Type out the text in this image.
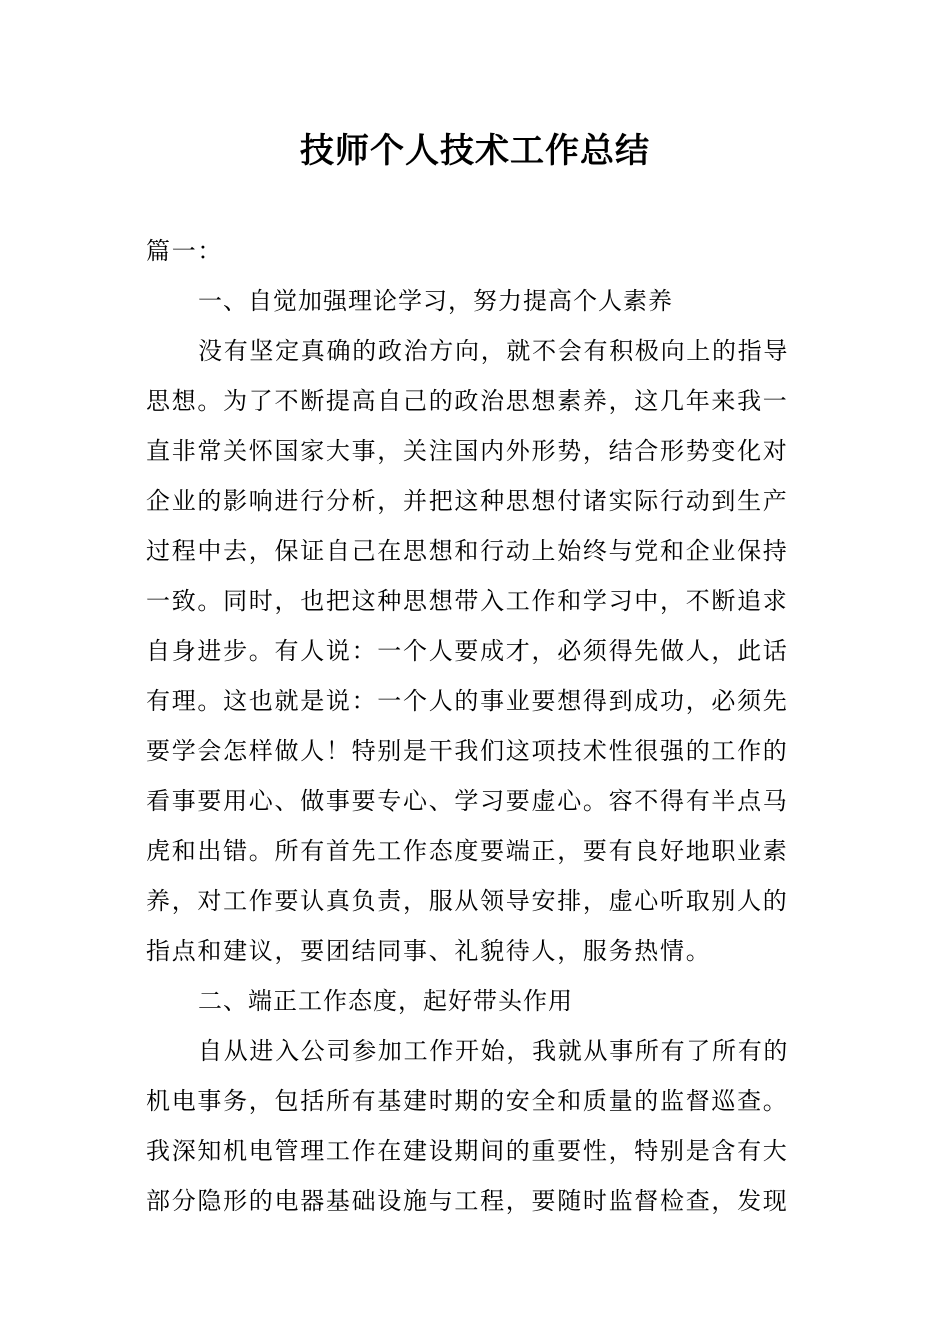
技师个人技术工作总结

篇一：

一、自觉加强理论学习，努力提高个人素养

没有坚定真确的政治方向，就不会有积极向上的指导思想。为了不断提高自己的政治思想素养，这几年来我一直非常关怀国家大事，关注国内外形势，结合形势变化对企业的影响进行分析，并把这种思想付诸实际行动到生产过程中去，保证自己在思想和行动上始终与党和企业保持一致。同时，也把这种思想带入工作和学习中，不断追求自身进步。有人说：一个人要成才，必须得先做人，此话有理。这也就是说：一个人的事业要想得到成功，必须先要学会怎样做人！特别是干我们这项技术性很强的工作的看事要用心、做事要专心、学习要虚心。容不得有半点马虎和出错。所有首先工作态度要端正，要有良好地职业素养，对工作要认真负责，服从领导安排，虚心听取别人的指点和建议，要团结同事、礼貌待人，服务热情。

二、端正工作态度，起好带头作用

自从进入公司参加工作开始，我就从事所有了所有的机电事务，包括所有基建时期的安全和质量的监督巡查。我深知机电管理工作在建设期间的重要性，特别是含有大部分隐形的电器基础设施与工程，要随时监督检查，发现
